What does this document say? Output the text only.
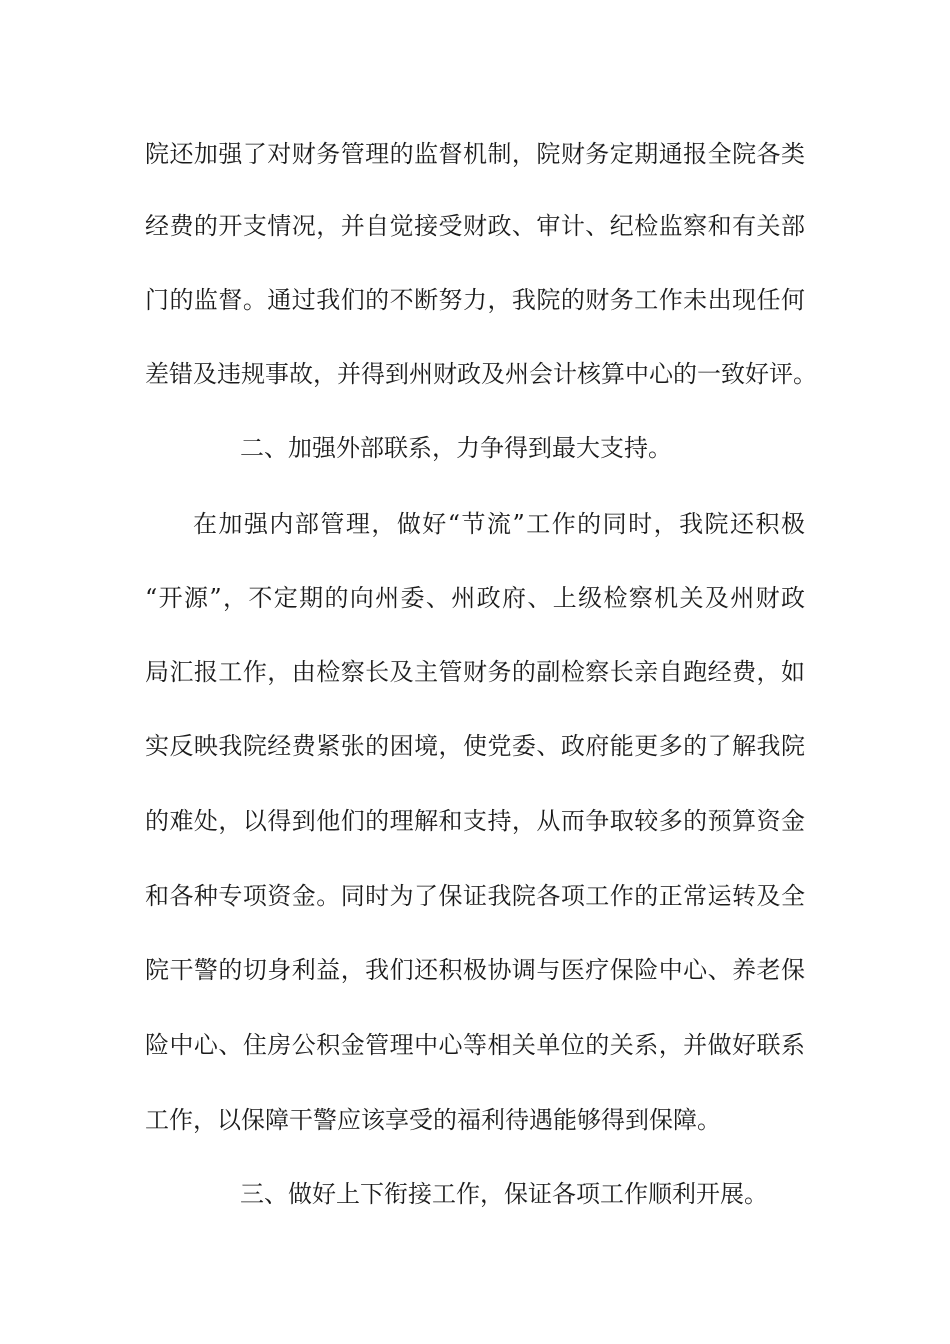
院还加强了对财务管理的监督机制，院财务定期通报全院各类
经费的开支情况，并自觉接受财政、审计、纪检监察和有关部
门的监督。通过我们的不断努力，我院的财务工作未出现任何
差错及违规事故，并得到州财政及州会计核算中心的一致好评。
二、加强外部联系，力争得到最大支持。
在加强内部管理，做好“节流”工作的同时，我院还积极
“开源”，不定期的向州委、州政府、上级检察机关及州财政
局汇报工作，由检察长及主管财务的副检察长亲自跑经费，如
实反映我院经费紧张的困境，使党委、政府能更多的了解我院
的难处，以得到他们的理解和支持，从而争取较多的预算资金
和各种专项资金。同时为了保证我院各项工作的正常运转及全
院干警的切身利益，我们还积极协调与医疗保险中心、养老保
险中心、住房公积金管理中心等相关单位的关系，并做好联系
工作，以保障干警应该享受的福利待遇能够得到保障。
三、做好上下衔接工作，保证各项工作顺利开展。
